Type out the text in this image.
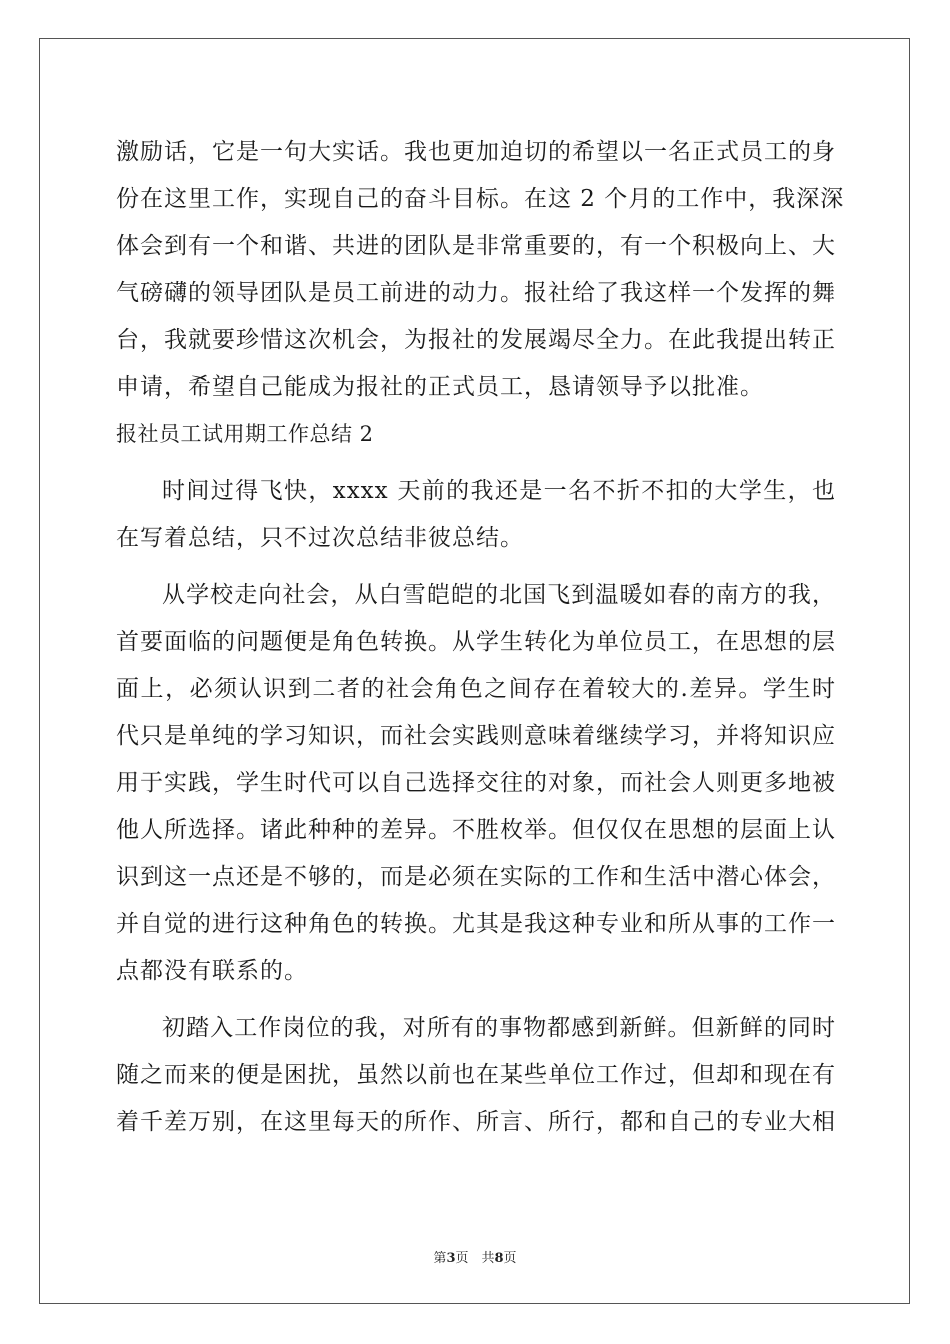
激励话，它是一句大实话。我也更加迫切的希望以一名正式员工的身
份在这里工作，实现自己的奋斗目标。在这 2 个月的工作中，我深深
体会到有一个和谐、共进的团队是非常重要的，有一个积极向上、大
气磅礴的领导团队是员工前进的动力。报社给了我这样一个发挥的舞
台，我就要珍惜这次机会，为报社的发展竭尽全力。在此我提出转正
申请，希望自己能成为报社的正式员工，恳请领导予以批准。
报社员工试用期工作总结 2
时间过得飞快，xxxx 天前的我还是一名不折不扣的大学生，也
在写着总结，只不过次总结非彼总结。
从学校走向社会，从白雪皑皑的北国飞到温暖如春的南方的我，
首要面临的问题便是角色转换。从学生转化为单位员工，在思想的层
面上，必须认识到二者的社会角色之间存在着较大的.差异。学生时
代只是单纯的学习知识，而社会实践则意味着继续学习，并将知识应
用于实践，学生时代可以自己选择交往的对象，而社会人则更多地被
他人所选择。诸此种种的差异。不胜枚举。但仅仅在思想的层面上认
识到这一点还是不够的，而是必须在实际的工作和生活中潜心体会，
并自觉的进行这种角色的转换。尤其是我这种专业和所从事的工作一
点都没有联系的。
初踏入工作岗位的我，对所有的事物都感到新鲜。但新鲜的同时
随之而来的便是困扰，虽然以前也在某些单位工作过，但却和现在有
着千差万别，在这里每天的所作、所言、所行，都和自己的专业大相
第3页　共8页
